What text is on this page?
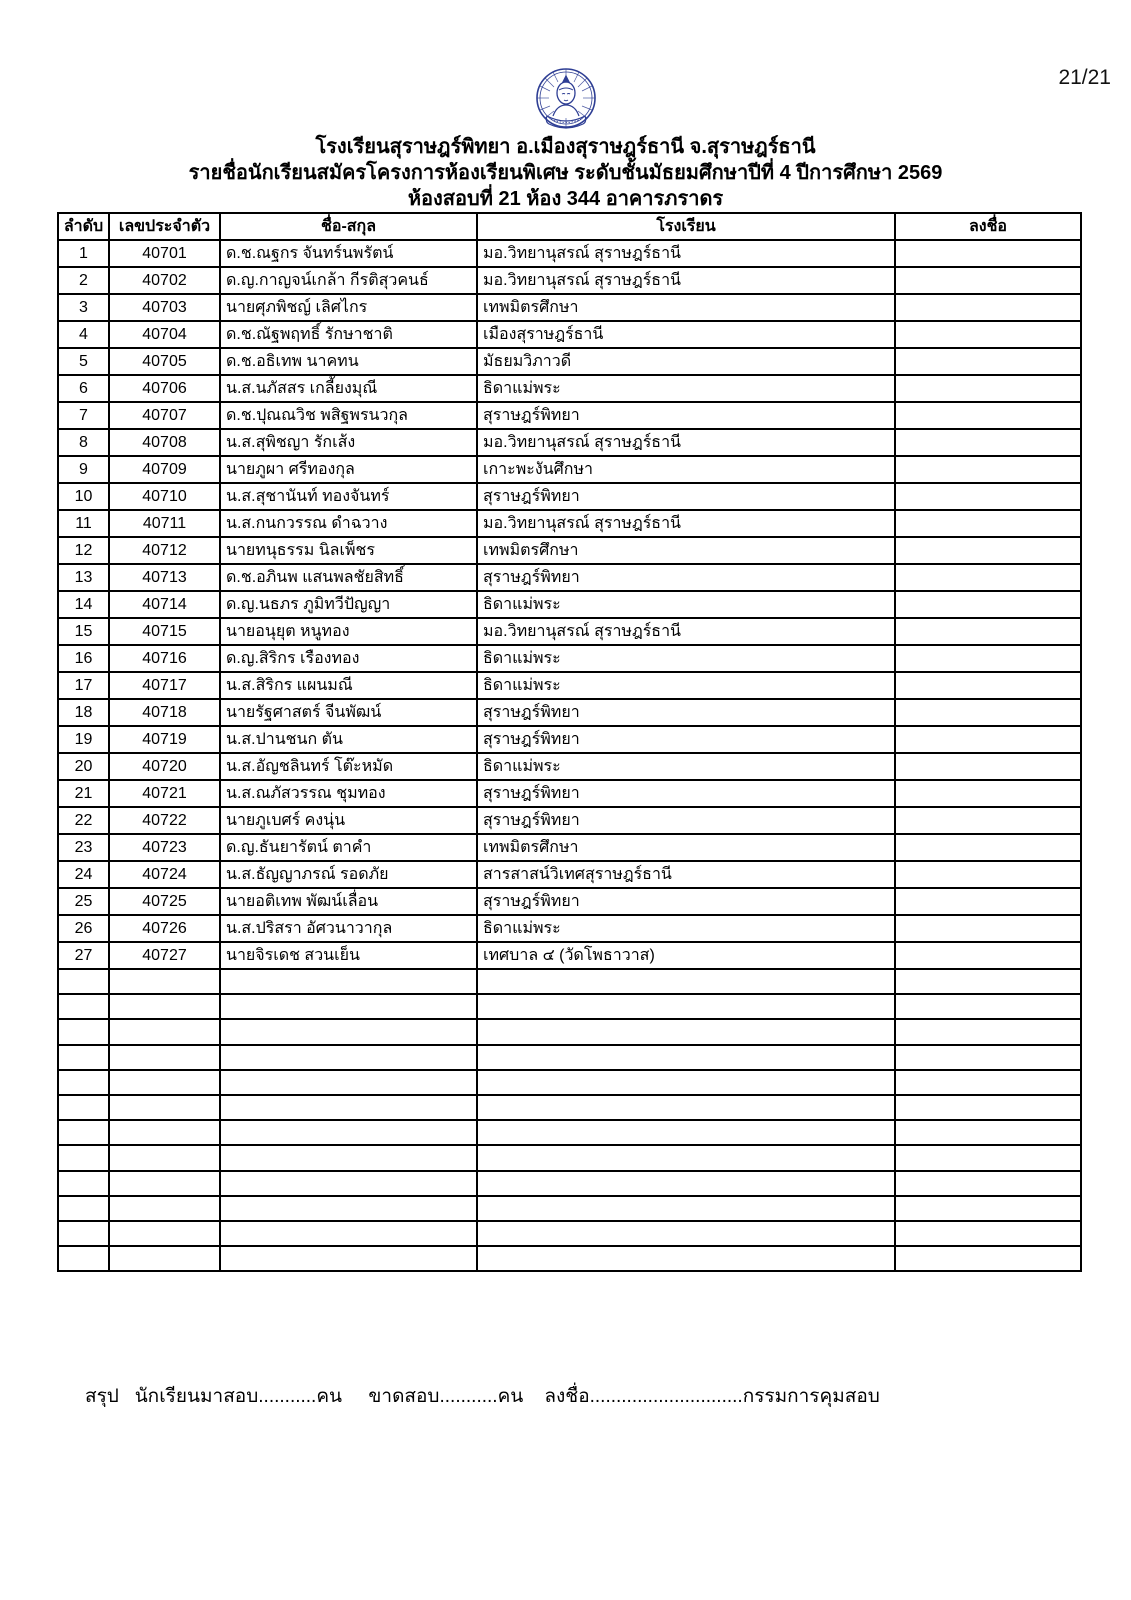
21/21
โรงเรียนสุราษฎร์พิทยา อ.เมืองสุราษฎร์ธานี จ.สุราษฎร์ธานี
รายชื่อนักเรียนสมัครโครงการห้องเรียนพิเศษ ระดับชั้นมัธยมศึกษาปีที่ 4 ปีการศึกษา 2569
ห้องสอบที่ 21 ห้อง 344 อาคารภราดร
ลำดับ	เลขประจำตัว	ชื่อ-สกุล	โรงเรียน	ลงชื่อ
1	40701	ด.ช.ณฐกร จันทร์นพรัตน์	มอ.วิทยานุสรณ์ สุราษฎร์ธานี	
2	40702	ด.ญ.กาญจน์เกล้า กีรติสุวคนธ์	มอ.วิทยานุสรณ์ สุราษฎร์ธานี	
3	40703	นายศุภพิชญ์ เลิศไกร	เทพมิตรศึกษา	
4	40704	ด.ช.ณัฐพฤทธิ์ รักษาชาติ	เมืองสุราษฎร์ธานี	
5	40705	ด.ช.อธิเทพ นาคทน	มัธยมวิภาวดี	
6	40706	น.ส.นภัสสร เกลี้ยงมุณี	ธิดาแม่พระ	
7	40707	ด.ช.ปุณณวิช พสิฐพรนวกุล	สุราษฎร์พิทยา	
8	40708	น.ส.สุพิชญา รักเส้ง	มอ.วิทยานุสรณ์ สุราษฎร์ธานี	
9	40709	นายภูผา ศรีทองกุล	เกาะพะงันศึกษา	
10	40710	น.ส.สุชานันท์ ทองจันทร์	สุราษฎร์พิทยา	
11	40711	น.ส.กนกวรรณ ดำฉวาง	มอ.วิทยานุสรณ์ สุราษฎร์ธานี	
12	40712	นายทนุธรรม นิลเพ็ชร	เทพมิตรศึกษา	
13	40713	ด.ช.อภินพ แสนพลชัยสิทธิ์	สุราษฎร์พิทยา	
14	40714	ด.ญ.นธภร ภูมิทวีปัญญา	ธิดาแม่พระ	
15	40715	นายอนุยุต หนูทอง	มอ.วิทยานุสรณ์ สุราษฎร์ธานี	
16	40716	ด.ญ.สิริกร เรืองทอง	ธิดาแม่พระ	
17	40717	น.ส.สิริกร แผนมณี	ธิดาแม่พระ	
18	40718	นายรัฐศาสตร์ จีนพัฒน์	สุราษฎร์พิทยา	
19	40719	น.ส.ปานชนก ตัน	สุราษฎร์พิทยา	
20	40720	น.ส.อัญชลินทร์ โต๊ะหมัด	ธิดาแม่พระ	
21	40721	น.ส.ณภัสวรรณ ชุมทอง	สุราษฎร์พิทยา	
22	40722	นายภูเบศร์ คงนุ่น	สุราษฎร์พิทยา	
23	40723	ด.ญ.ธันยารัตน์ ตาคำ	เทพมิตรศึกษา	
24	40724	น.ส.ธัญญาภรณ์ รอดภัย	สารสาสน์วิเทศสุราษฎร์ธานี	
25	40725	นายอติเทพ พัฒน์เลื่อน	สุราษฎร์พิทยา	
26	40726	น.ส.ปริสรา อัศวนาวากุล	ธิดาแม่พระ	
27	40727	นายจิรเดช สวนเย็น	เทศบาล ๔ (วัดโพธาวาส)	

สรุป   นักเรียนมาสอบ...........คน     ขาดสอบ...........คน    ลงชื่อ.............................กรรมการคุมสอบ
